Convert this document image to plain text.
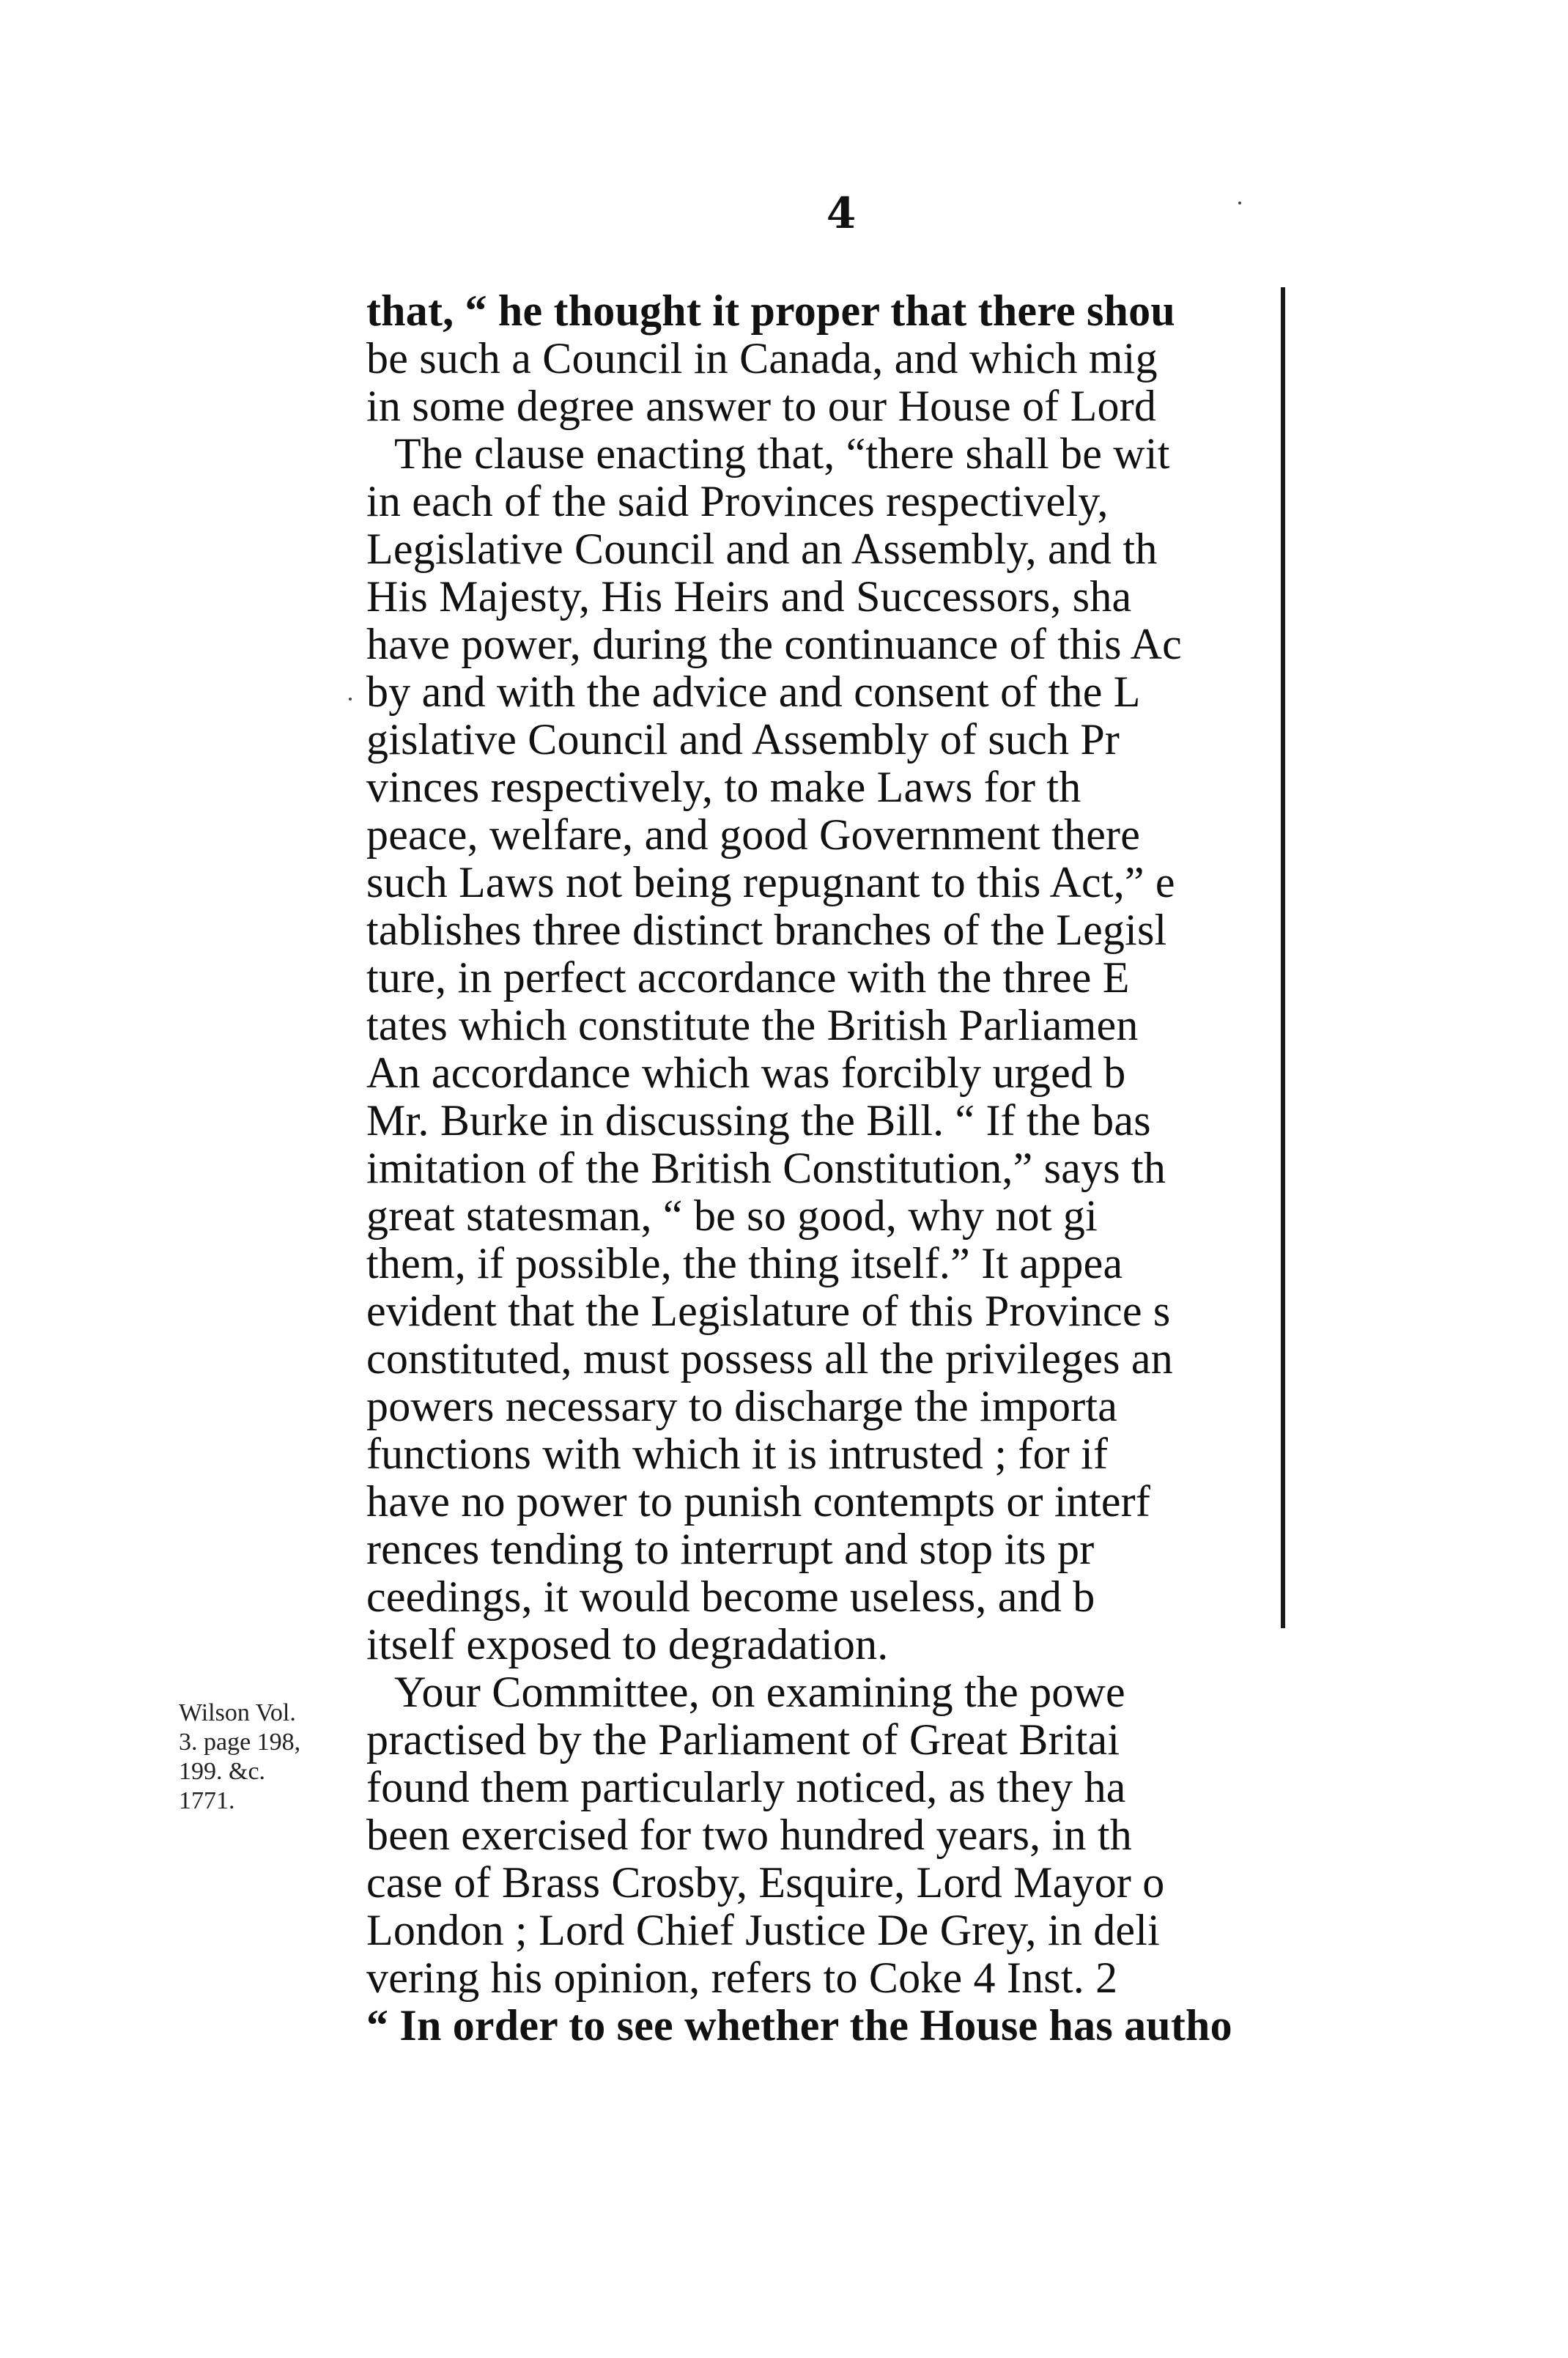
4
that, “ he thought it proper that there shou
be such a Council in Canada, and which mig
in some degree answer to our House of Lord
The clause enacting that, “there shall be wit
in each of the said Provinces respectively,
Legislative Council and an Assembly, and th
His Majesty, His Heirs and Successors, sha
have power, during the continuance of this Ac
by and with the advice and consent of the L
gislative Council and Assembly of such Pr
vinces respectively, to make Laws for th
peace, welfare, and good Government there
such Laws not being repugnant to this Act,” e
tablishes three distinct branches of the Legisl
ture, in perfect accordance with the three E
tates which constitute the British Parliamen
An accordance which was forcibly urged b
Mr. Burke in discussing the Bill. “ If the bas
imitation of the British Constitution,” says th
great statesman, “ be so good, why not gi
them, if possible, the thing itself.” It appea
evident that the Legislature of this Province s
constituted, must possess all the privileges an
powers necessary to discharge the importa
functions with which it is intrusted ; for if
have no power to punish contempts or interf
rences tending to interrupt and stop its pr
ceedings, it would become useless, and b
itself exposed to degradation.
Your Committee, on examining the powe
practised by the Parliament of Great Britai
found them particularly noticed, as they ha
been exercised for two hundred years, in th
case of Brass Crosby, Esquire, Lord Mayor o
London ; Lord Chief Justice De Grey, in deli
vering his opinion, refers to Coke 4 Inst. 2
“ In order to see whether the House has autho
Wilson Vol.
3. page 198,
199. &c.
1771.
